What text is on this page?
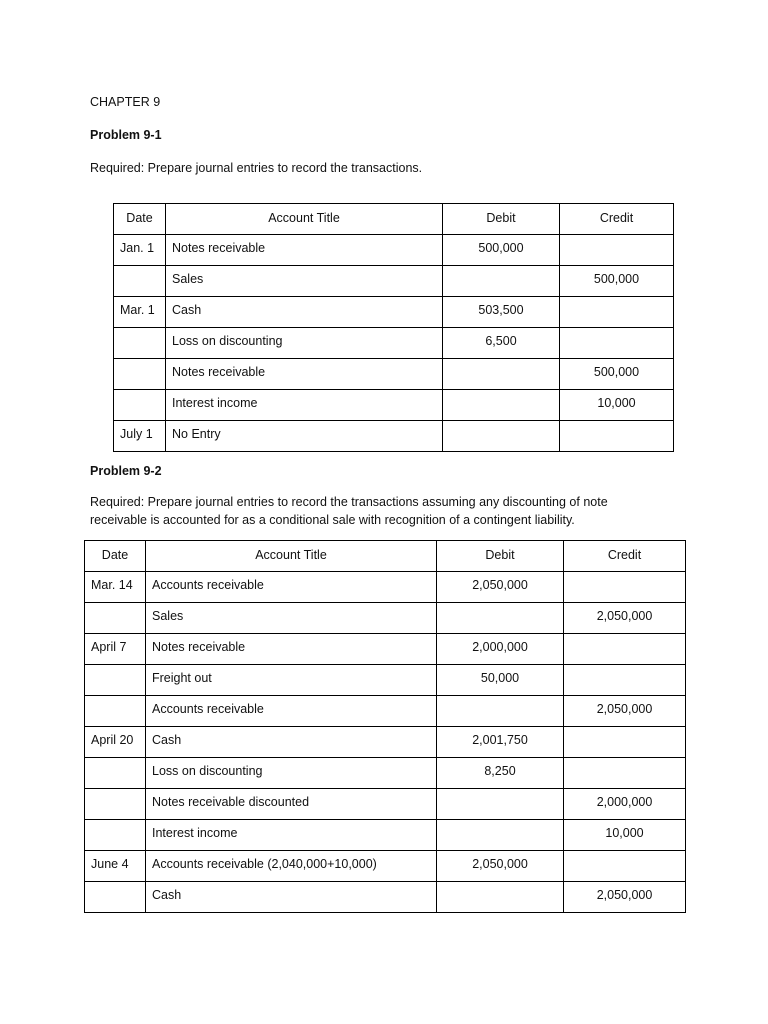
CHAPTER 9
Problem 9-1
Required: Prepare journal entries to record the transactions.
Date	Account Title	Debit	Credit
Jan. 1	Notes receivable	500,000	
	Sales		500,000
Mar. 1	Cash	503,500	
	Loss on discounting	6,500	
	Notes receivable		500,000
	Interest income		10,000
July 1	No Entry		
Problem 9-2
Required: Prepare journal entries to record the transactions assuming any discounting of note
receivable is accounted for as a conditional sale with recognition of a contingent liability.
Date	Account Title	Debit	Credit
Mar. 14	Accounts receivable	2,050,000	
	Sales		2,050,000
April 7	Notes receivable	2,000,000	
	Freight out	50,000	
	Accounts receivable		2,050,000
April 20	Cash	2,001,750	
	Loss on discounting	8,250	
	Notes receivable discounted		2,000,000
	Interest income		10,000
June 4	Accounts receivable (2,040,000+10,000)	2,050,000	
	Cash		2,050,000
